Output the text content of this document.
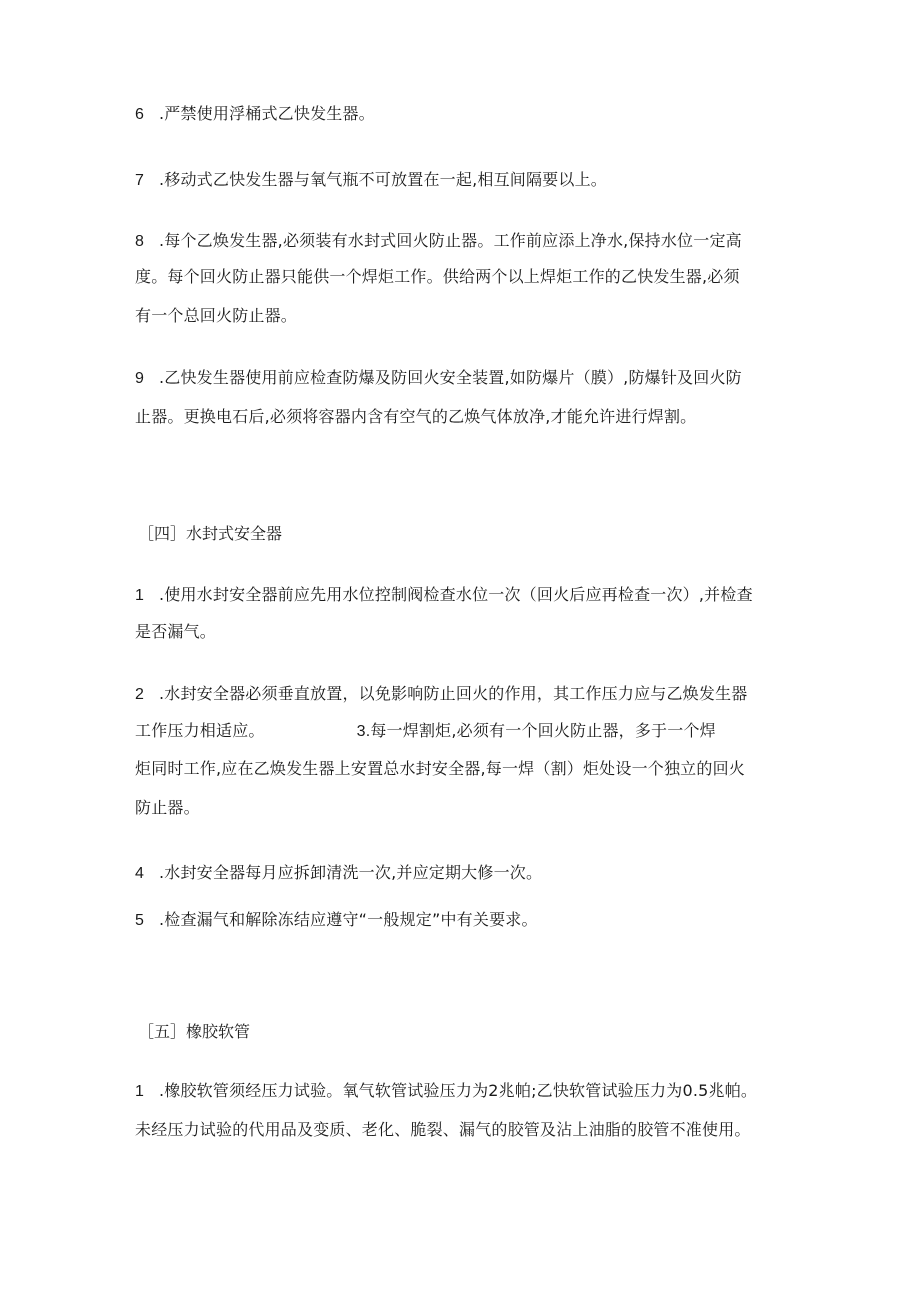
6 .严禁使用浮桶式乙快发生器。
7 .移动式乙快发生器与氧气瓶不可放置在一起,相互间隔要以上。
8 .每个乙焕发生器,必须装有水封式回火防止器。工作前应添上净水,保持水位一定高
度。每个回火防止器只能供一个焊炬工作。供给两个以上焊炬工作的乙快发生器,必须
有一个总回火防止器。
9 .乙快发生器使用前应检查防爆及防回火安全装置,如防爆片（膜）,防爆针及回火防
止器。更换电石后,必须将容器内含有空气的乙焕气体放净,才能允许进行焊割。
［四］水封式安全器
1 .使用水封安全器前应先用水位控制阀检查水位一次（回火后应再检查一次）,并检查
是否漏气。
2 .水封安全器必须垂直放置，以免影响防止回火的作用，其工作压力应与乙焕发生器
工作压力相适应。	3.每一焊割炬,必须有一个回火防止器，多于一个焊
炬同时工作,应在乙焕发生器上安置总水封安全器,每一焊（割）炬处设一个独立的回火
防止器。
4 .水封安全器每月应拆卸清洗一次,并应定期大修一次。
5 .检查漏气和解除冻结应遵守“一般规定”中有关要求。
［五］橡胶软管
1 .橡胶软管须经压力试验。氧气软管试验压力为2兆帕;乙快软管试验压力为0.5兆帕。
未经压力试验的代用品及变质、老化、脆裂、漏气的胶管及沾上油脂的胶管不准使用。
